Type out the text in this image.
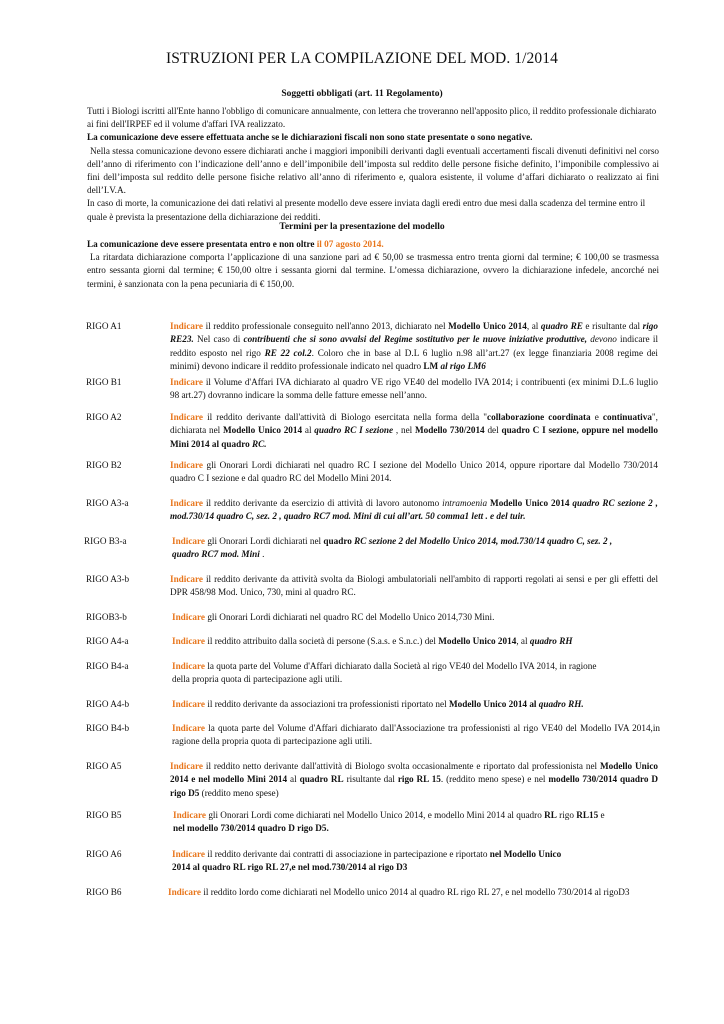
ISTRUZIONI PER LA COMPILAZIONE DEL MOD. 1/2014
Soggetti obbligati (art. 11 Regolamento)

Tutti i Biologi iscritti all'Ente hanno l'obbligo di comunicare annualmente, con lettera che troveranno nell'apposito plico, il reddito professionale dichiarato ai fini dell'IRPEF ed il volume d'affari IVA realizzato.

La comunicazione deve essere effettuata anche se le dichiarazioni fiscali non sono state presentate o sono negative.

Nella stessa comunicazione devono essere dichiarati anche i maggiori imponibili derivanti dagli eventuali accertamenti fiscali divenuti definitivi nel corso dell’anno di riferimento con l’indicazione dell’anno e dell’imponibile dell’imposta sul reddito delle persone fisiche definito, l’imponibile complessivo ai fini dell’imposta sul reddito delle persone fisiche relativo all’anno di riferimento e, qualora esistente, il volume d’affari dichiarato o realizzato ai fini dell’I.V.A.

In caso di morte, la comunicazione dei dati relativi al presente modello deve essere inviata dagli eredi entro due mesi dalla scadenza del termine entro il quale è prevista la presentazione della dichiarazione dei redditi.

Termini per la presentazione del modello

La comunicazione deve essere presentata entro e non oltre il 07 agosto 2014.

La ritardata dichiarazione comporta l’applicazione di una sanzione pari ad € 50,00 se trasmessa entro trenta giorni dal termine; € 100,00 se trasmessa entro sessanta giorni dal termine; € 150,00 oltre i sessanta giorni dal termine. L’omessa dichiarazione, ovvero la dichiarazione infedele, ancorché nei termini, è sanzionata con la pena pecuniaria di € 150,00.

RIGO A1	Indicare il reddito professionale conseguito nell'anno 2013, dichiarato nel Modello Unico 2014, al quadro RE e risultante dal rigo RE23. Nel caso di contribuenti che si sono avvalsi del Regime sostitutivo per le nuove iniziative produttive, devono indicare il reddito esposto nel rigo RE 22 col.2. Coloro che in base al D.L 6 luglio n.98 all’art.27 (ex legge finanziaria 2008 regime dei minimi) devono indicare il reddito professionale indicato nel quadro LM al rigo LM6
RIGO B1	Indicare il Volume d'Affari IVA dichiarato al quadro VE rigo VE40 del modello IVA 2014; i contribuenti (ex minimi D.L.6 luglio 98 art.27) dovranno indicare la somma delle fatture emesse nell’anno.
RIGO A2	Indicare il reddito derivante dall'attività di Biologo esercitata nella forma della "collaborazione coordinata e continuativa", dichiarata nel Modello Unico 2014 al quadro RC I sezione , nel Modello 730/2014 del quadro C I sezione, oppure nel modello Mini 2014 al quadro RC.
RIGO B2	Indicare gli Onorari Lordi dichiarati nel quadro RC I sezione del Modello Unico 2014, oppure riportare dal Modello 730/2014 quadro C I sezione e dal quadro RC del Modello Mini 2014.
RIGO A3-a	Indicare il reddito derivante da esercizio di attività di lavoro autonomo intramoenia Modello Unico 2014 quadro RC sezione 2 , mod.730/14 quadro C, sez. 2 , quadro RC7 mod. Mini di cui all’art. 50 comma1 lett . e del tuir.
RIGO B3-a	Indicare gli Onorari Lordi dichiarati nel quadro RC sezione 2 del Modello Unico 2014, mod.730/14 quadro C, sez. 2 ,
quadro RC7 mod. Mini .
RIGO A3-b	Indicare il reddito derivante da attività svolta da Biologi ambulatoriali nell'ambito di rapporti regolati ai sensi e per gli effetti del DPR 458/98 Mod. Unico, 730, mini al quadro RC.
RIGOB3-b	Indicare gli Onorari Lordi dichiarati nel quadro RC del Modello Unico 2014,730 Mini.
RIGO A4-a	Indicare il reddito attribuito dalla società di persone (S.a.s. e S.n.c.) del Modello Unico 2014, al quadro RH
RIGO B4-a	Indicare la quota parte del Volume d'Affari dichiarato dalla Società al rigo VE40 del Modello IVA 2014, in ragione
della propria quota di partecipazione agli utili.
RIGO A4-b	Indicare il reddito derivante da associazioni tra professionisti riportato nel Modello Unico 2014 al quadro RH.
RIGO B4-b	Indicare la quota parte del Volume d'Affari dichiarato dall'Associazione tra professionisti al rigo VE40 del Modello IVA 2014,in ragione della propria quota di partecipazione agli utili.
RIGO A5	Indicare il reddito netto derivante dall'attività di Biologo svolta occasionalmente e riportato dal professionista nel Modello Unico 2014 e nel modello Mini 2014 al quadro RL risultante dal rigo RL 15. (reddito meno spese) e nel modello 730/2014 quadro D rigo D5 (reddito meno spese)
RIGO B5	Indicare gli Onorari Lordi come dichiarati nel Modello Unico 2014, e modello Mini 2014 al quadro RL rigo RL15 e
nel modello 730/2014 quadro D rigo D5.
RIGO A6	Indicare il reddito derivante dai contratti di associazione in partecipazione e riportato nel Modello Unico
2014 al quadro RL rigo RL 27,e nel mod.730/2014 al rigo D3
RIGO B6	Indicare il reddito lordo come dichiarati nel Modello unico 2014 al quadro RL rigo RL 27, e nel modello 730/2014 al rigoD3
